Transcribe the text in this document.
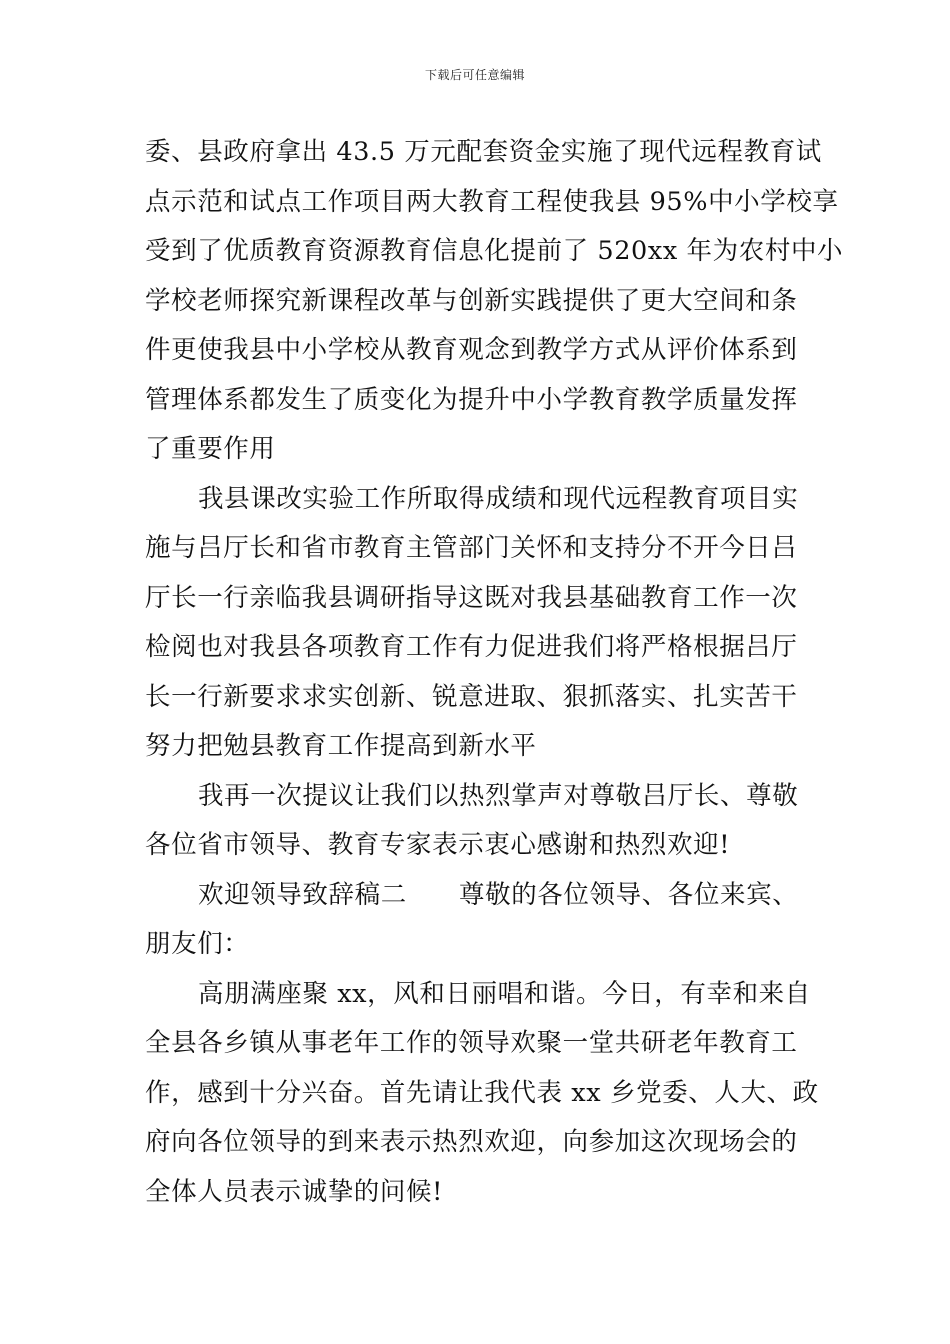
下载后可任意编辑
委、县政府拿出 43.5 万元配套资金实施了现代远程教育试
点示范和试点工作项目两大教育工程使我县 95%中小学校享
受到了优质教育资源教育信息化提前了 520xx 年为农村中小
学校老师探究新课程改革与创新实践提供了更大空间和条
件更使我县中小学校从教育观念到教学方式从评价体系到
管理体系都发生了质变化为提升中小学教育教学质量发挥
了重要作用
我县课改实验工作所取得成绩和现代远程教育项目实
施与吕厅长和省市教育主管部门关怀和支持分不开今日吕
厅长一行亲临我县调研指导这既对我县基础教育工作一次
检阅也对我县各项教育工作有力促进我们将严格根据吕厅
长一行新要求求实创新、锐意进取、狠抓落实、扎实苦干
努力把勉县教育工作提高到新水平
我再一次提议让我们以热烈掌声对尊敬吕厅长、尊敬
各位省市领导、教育专家表示衷心感谢和热烈欢迎!
欢迎领导致辞稿二　　尊敬的各位领导、各位来宾、
朋友们：
高朋满座聚 xx，风和日丽唱和谐。今日，有幸和来自
全县各乡镇从事老年工作的领导欢聚一堂共研老年教育工
作，感到十分兴奋。首先请让我代表 xx 乡党委、人大、政
府向各位领导的到来表示热烈欢迎，向参加这次现场会的
全体人员表示诚挚的问候!
